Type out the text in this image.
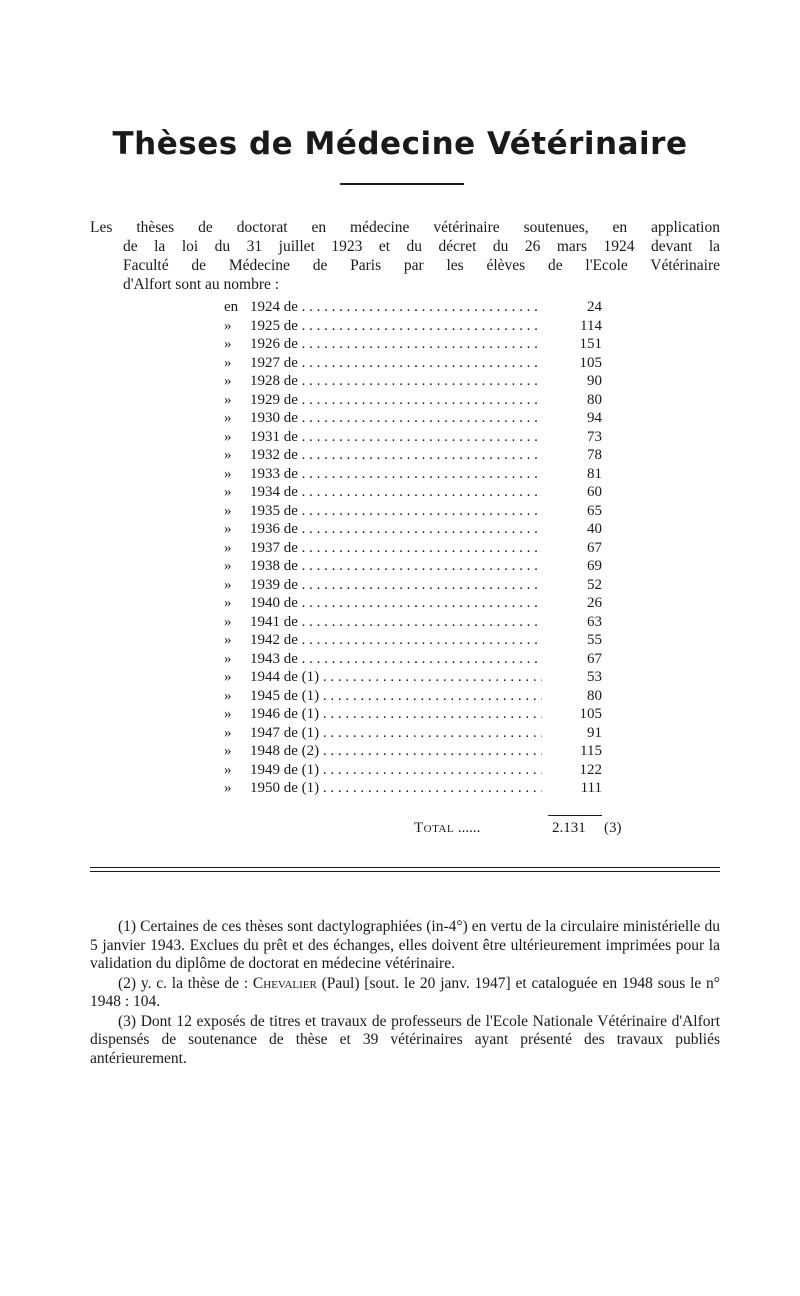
Thèses de Médecine Vétérinaire

Les thèses de doctorat en médecine vétérinaire soutenues, en application
de la loi du 31 juillet 1923 et du décret du 26 mars 1924 devant la
Faculté de Médecine de Paris par les élèves de l'Ecole Vétérinaire
d'Alfort sont au nombre :

en 1924 de . . .	24
»	1925 de . . .	114
»	1926 de . . .	151
»	1927 de . . .	105
»	1928 de . . .	90
»	1929 de . . .	80
»	1930 de . . .	94
»	1931 de . . .	73
»	1932 de . . .	78
»	1933 de . . .	81
»	1934 de . . .	60
»	1935 de . . .	65
»	1936 de . . .	40
»	1937 de . . .	67
»	1938 de . . .	69
»	1939 de . . .	52
»	1940 de . . .	26
»	1941 de . . .	63
»	1942 de . . .	55
»	1943 de . . .	67
»	1944 de (1) . . .	53
»	1945 de (1) . . .	80
»	1946 de (1) . . .	105
»	1947 de (1) . . .	91
»	1948 de (2) . . .	115
»	1949 de (1) . . .	122
»	1950 de (1) . . .	111
Total ......	2.131 (3)

(1) Certaines de ces thèses sont dactylographiées (in-4°) en vertu de la circulaire ministérielle du 5 janvier 1943. Exclues du prêt et des échanges, elles doivent être ultérieurement imprimées pour la validation du diplôme de doctorat en médecine vétérinaire.

(2) y. c. la thèse de : Chevalier (Paul) [sout. le 20 janv. 1947] et cataloguée en 1948 sous le n° 1948 : 104.

(3) Dont 12 exposés de titres et travaux de professeurs de l'Ecole Nationale Vétérinaire d'Alfort dispensés de soutenance de thèse et 39 vétérinaires ayant présenté des travaux publiés antérieurement.
